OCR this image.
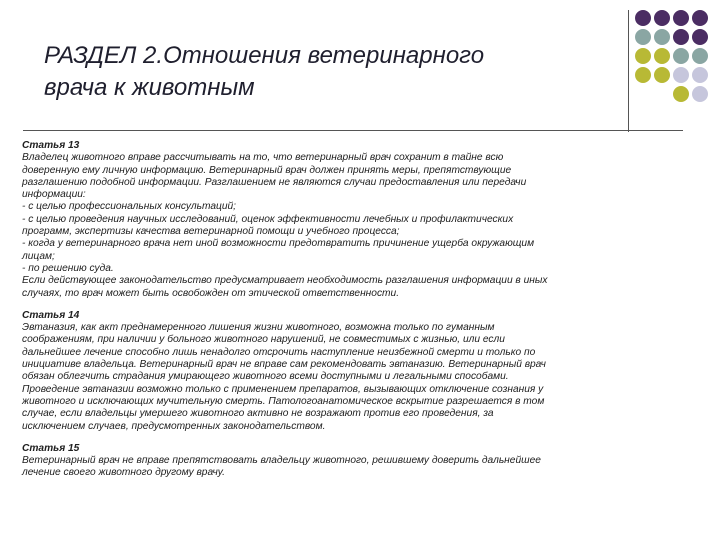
РАЗДЕЛ 2.Отношения ветеринарного
врача к животным
Статья 13
Владелец животного вправе рассчитывать на то, что ветеринарный врач сохранит в тайне всю
доверенную ему личную информацию. Ветеринарный врач должен принять меры, препятствующие
разглашению подобной информации. Разглашением не являются случаи предоставления или передачи
информации:
- с целью профессиональных консультаций;
- с целью проведения научных исследований, оценок эффективности лечебных и профилактических
программ, экспертизы качества ветеринарной помощи и учебного процесса;
- когда у ветеринарного врача нет иной возможности предотвратить причинение ущерба окружающим
лицам;
- по решению суда.
Если действующее законодательство предусматривает необходимость разглашения информации в иных
случаях, то врач может быть освобожден от этической ответственности.
Статья 14
Эвтаназия, как акт преднамеренного лишения жизни животного, возможна только по гуманным
соображениям, при наличии у больного животного нарушений, не совместимых с жизнью, или если
дальнейшее лечение способно лишь ненадолго отсрочить наступление неизбежной смерти и только по
инициативе владельца. Ветеринарный врач не вправе сам рекомендовать эвтаназию. Ветеринарный врач
обязан облегчить страдания умирающего животного всеми доступными и легальными способами.
Проведение эвтаназии возможно только с применением препаратов, вызывающих отключение сознания у
животного и исключающих мучительную смерть. Патологоанатомическое вскрытие разрешается в том
случае, если владельцы умершего животного активно не возражают против его проведения, за
исключением случаев, предусмотренных законодательством.
Статья 15
Ветеринарный врач не вправе препятствовать владельцу животного, решившему доверить дальнейшее
лечение своего животного другому врачу.
